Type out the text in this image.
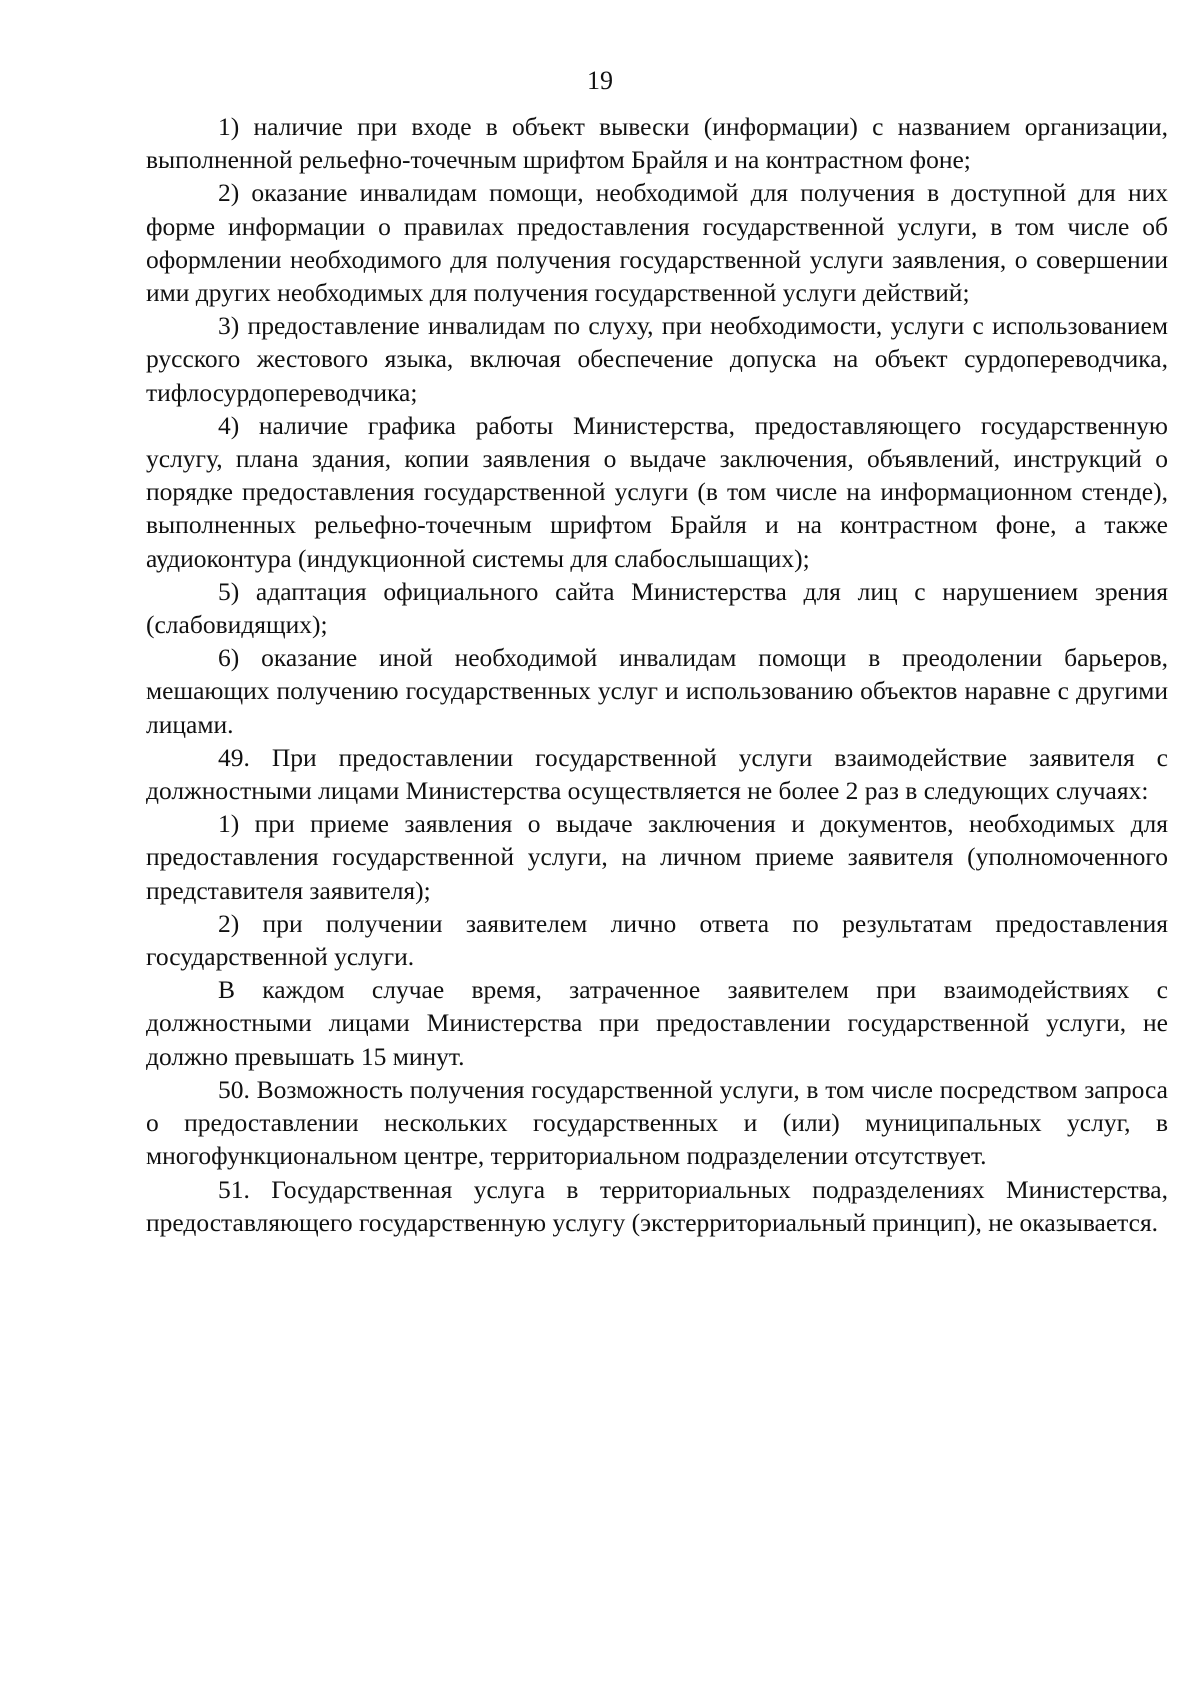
19

1) наличие при входе в объект вывески (информации) с названием организации, выполненной рельефно-точечным шрифтом Брайля и на контрастном фоне;

2) оказание инвалидам помощи, необходимой для получения в доступной для них форме информации о правилах предоставления государственной услуги, в том числе об оформлении необходимого для получения государственной услуги заявления, о совершении ими других необходимых для получения государственной услуги действий;

3) предоставление инвалидам по слуху, при необходимости, услуги с использованием русского жестового языка, включая обеспечение допуска на объект сурдопереводчика, тифлосурдопереводчика;

4) наличие графика работы Министерства, предоставляющего государственную услугу, плана здания, копии заявления о выдаче заключения, объявлений, инструкций о порядке предоставления государственной услуги (в том числе на информационном стенде), выполненных рельефно-точечным шрифтом Брайля и на контрастном фоне, а также аудиоконтура (индукционной системы для слабослышащих);

5) адаптация официального сайта Министерства для лиц с нарушением зрения (слабовидящих);

6) оказание иной необходимой инвалидам помощи в преодолении барьеров, мешающих получению государственных услуг и использованию объектов наравне с другими лицами.

49. При предоставлении государственной услуги взаимодействие заявителя с должностными лицами Министерства осуществляется не более 2 раз в следующих случаях:

1) при приеме заявления о выдаче заключения и документов, необходимых для предоставления государственной услуги, на личном приеме заявителя (уполномоченного представителя заявителя);

2) при получении заявителем лично ответа по результатам предоставления государственной услуги.

В каждом случае время, затраченное заявителем при взаимодействиях с должностными лицами Министерства при предоставлении государственной услуги, не должно превышать 15 минут.

50. Возможность получения государственной услуги, в том числе посредством запроса о предоставлении нескольких государственных и (или) муниципальных услуг, в многофункциональном центре, территориальном подразделении отсутствует.

51. Государственная услуга в территориальных подразделениях Министерства, предоставляющего государственную услугу (экстерриториальный принцип), не оказывается.
